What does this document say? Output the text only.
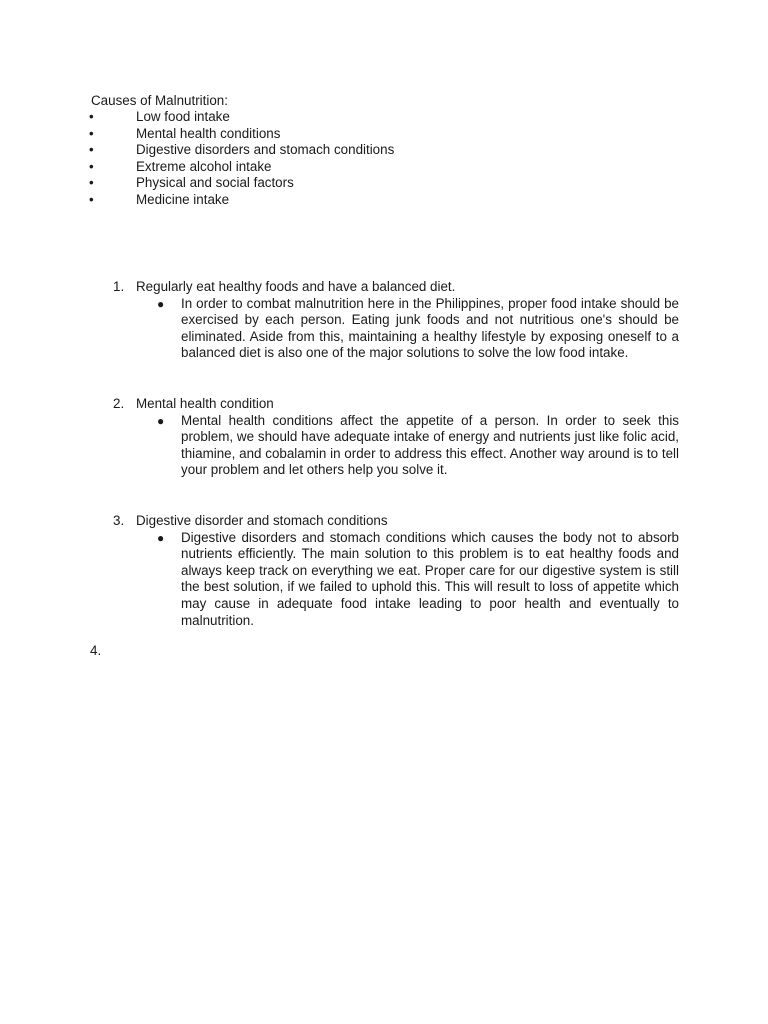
Causes of Malnutrition:

•	Low food intake
•	Mental health conditions
•	Digestive disorders and stomach conditions
•	Extreme alcohol intake
•	Physical and social factors
•	Medicine intake
1. Regularly eat healthy foods and have a balanced diet.
● In order to combat malnutrition here in the Philippines, proper food intake should be exercised by each person. Eating junk foods and not nutritious one's should be eliminated. Aside from this, maintaining a healthy lifestyle by exposing oneself to a balanced diet is also one of the major solutions to solve the low food intake.

2. Mental health condition
● Mental health conditions affect the appetite of a person. In order to seek this problem, we should have adequate intake of energy and nutrients just like folic acid, thiamine, and cobalamin in order to address this effect. Another way around is to tell your problem and let others help you solve it.

3. Digestive disorder and stomach conditions
● Digestive disorders and stomach conditions which causes the body not to absorb nutrients efficiently. The main solution to this problem is to eat healthy foods and always keep track on everything we eat. Proper care for our digestive system is still the best solution, if we failed to uphold this. This will result to loss of appetite which may cause in adequate food intake leading to poor health and eventually to malnutrition.

4.
